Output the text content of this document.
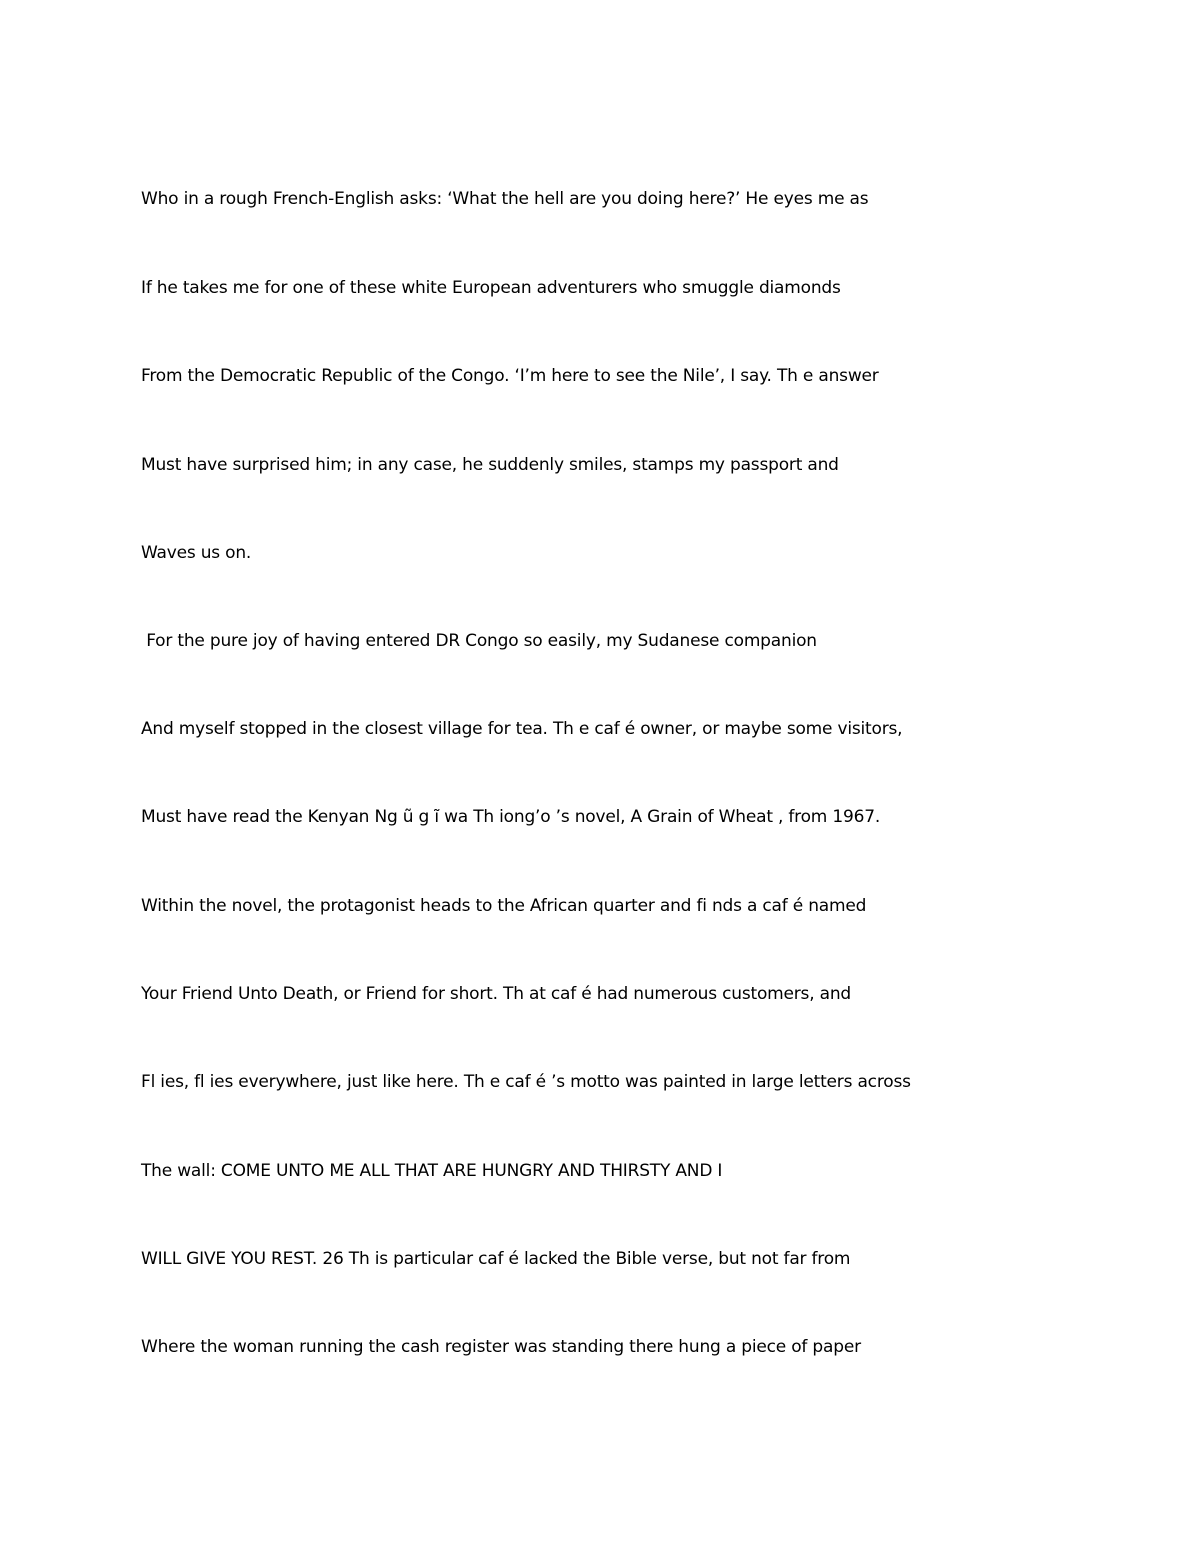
Who in a rough French-English asks: ‘What the hell are you doing here?’ He eyes me as
If he takes me for one of these white European adventurers who smuggle diamonds
From the Democratic Republic of the Congo. ‘I’m here to see the Nile’, I say. Th e answer
Must have surprised him; in any case, he suddenly smiles, stamps my passport and
Waves us on.
For the pure joy of having entered DR Congo so easily, my Sudanese companion
And myself stopped in the closest village for tea. Th e caf é owner, or maybe some visitors,
Must have read the Kenyan Ng ũ g ĩ wa Th iong’o ’s novel, A Grain of Wheat , from 1967.
Within the novel, the protagonist heads to the African quarter and fi nds a caf é named
Your Friend Unto Death, or Friend for short. Th at caf é had numerous customers, and
Fl ies, fl ies everywhere, just like here. Th e caf é ’s motto was painted in large letters across
The wall: COME UNTO ME ALL THAT ARE HUNGRY AND THIRSTY AND I
WILL GIVE YOU REST. 26 Th is particular caf é lacked the Bible verse, but not far from
Where the woman running the cash register was standing there hung a piece of paper
